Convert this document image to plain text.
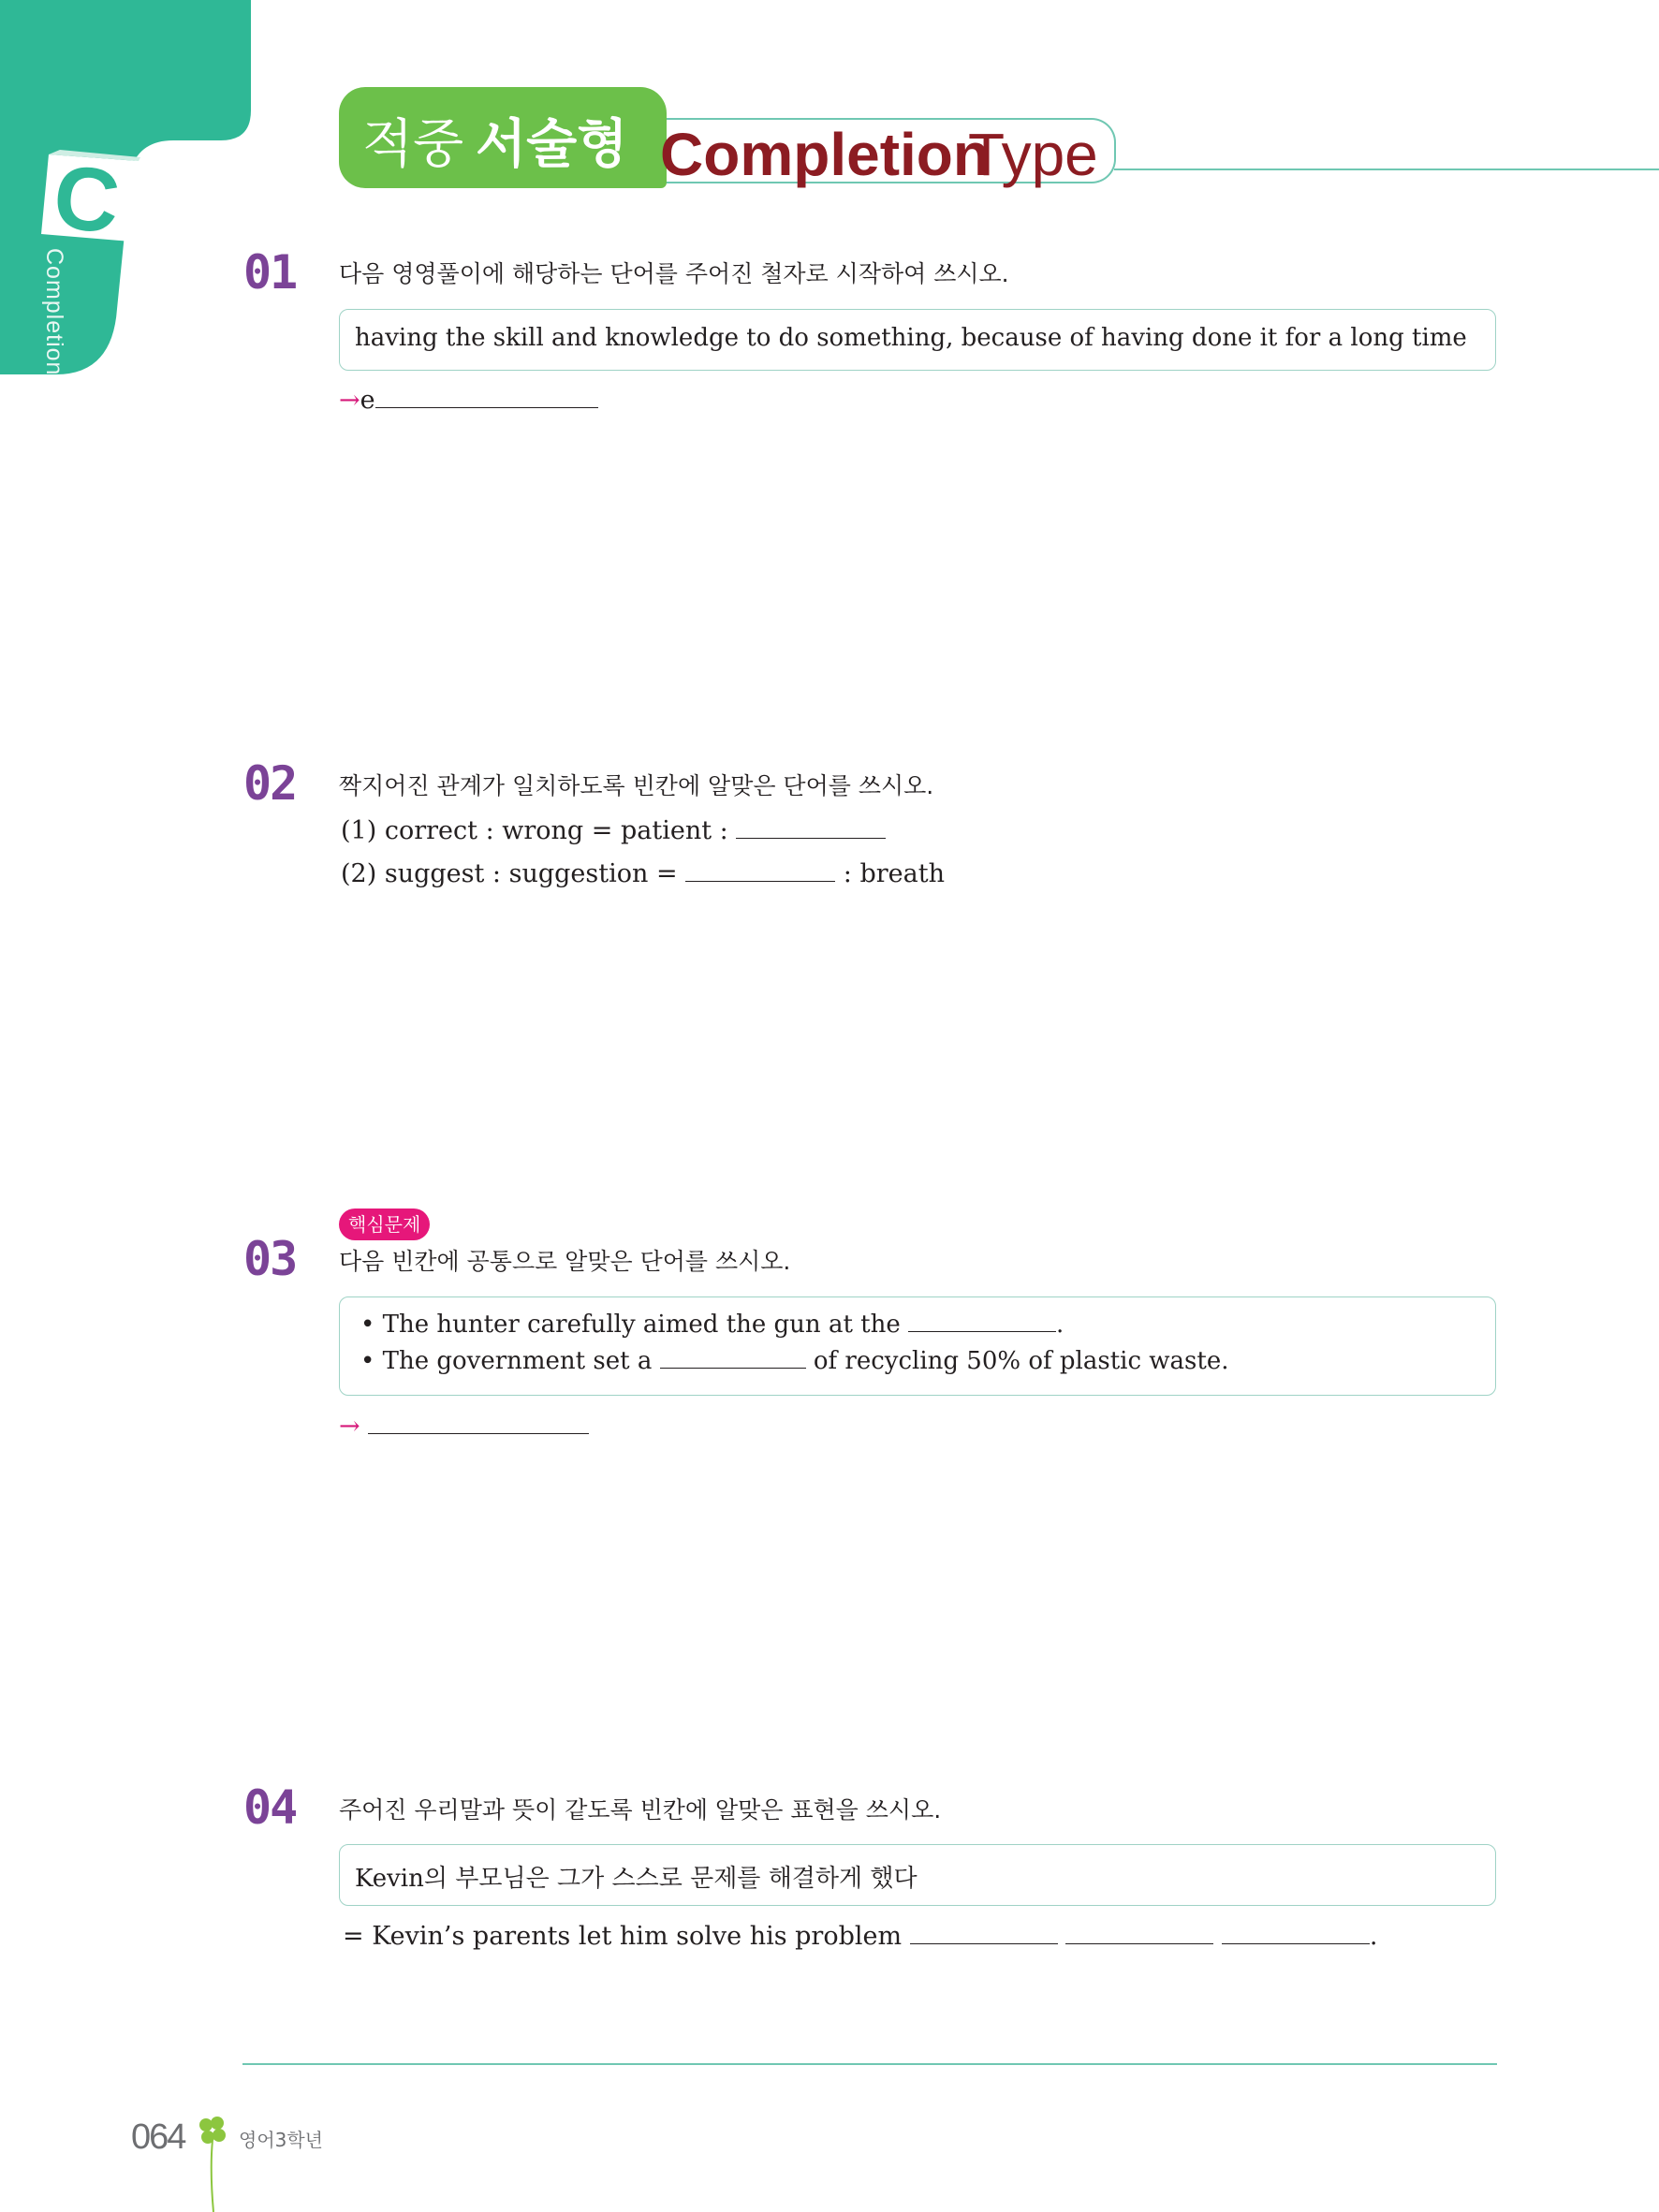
C
Completion
적중 서술형 Completion
Type
01 다음 영영풀이에 해당하는 단어를 주어진 철자로 시작하여 쓰시오.
having the skill and knowledge to do something, because of having done it for a long time
→e
02 짝지어진 관계가 일치하도록 빈칸에 알맞은 단어를 쓰시오.
(1) correct : wrong = patient :
(2) suggest : suggestion =	: breath
핵심문제
03 다음 빈칸에 공통으로 알맞은 단어를 쓰시오.
• The hunter carefully aimed the gun at the	.
• The government set a	of recycling 50% of plastic waste.
→
04 주어진 우리말과 뜻이 같도록 빈칸에 알맞은 표현을 쓰시오.
Kevin의 부모님은 그가 스스로 문제를 해결하게 했다
= Kevin’s parents let him solve his problem	.
064	영어3학년
